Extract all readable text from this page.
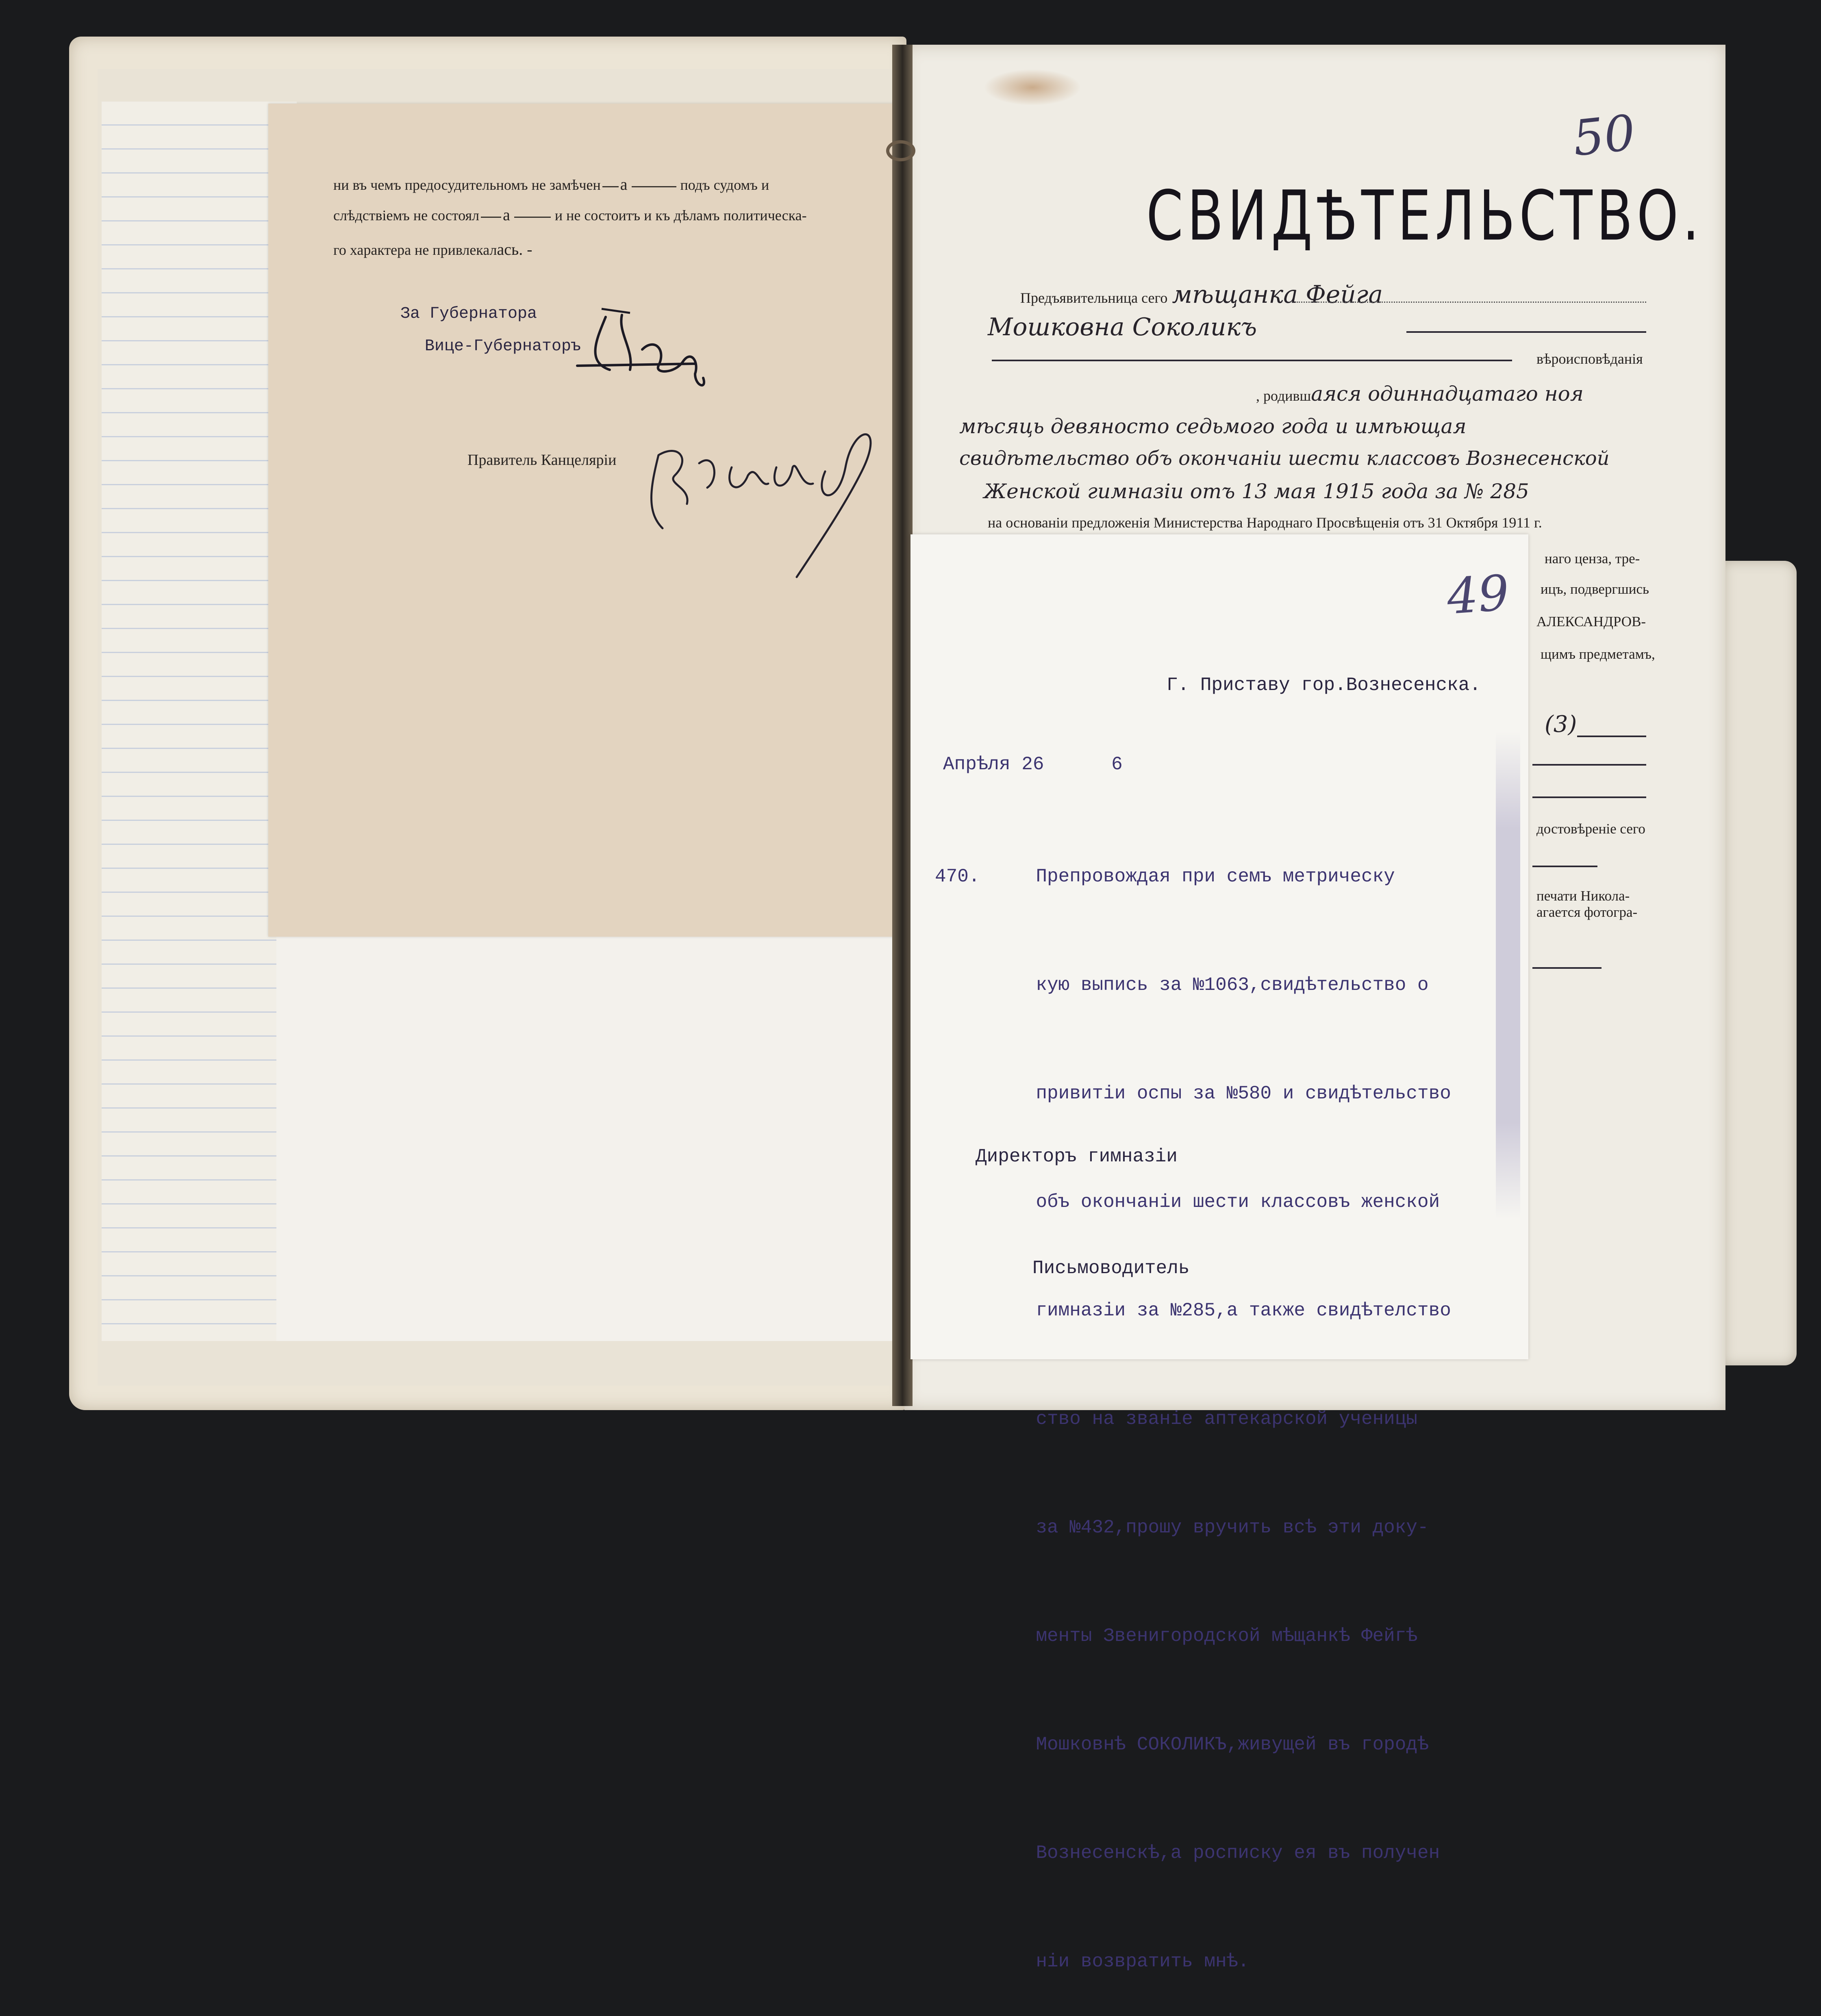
ни въ чемъ предосудительномъ не замѣчен а	подъ судомъ и
слѣдствіемъ не состоял а	и не состоитъ и къ дѣламъ политическа-
го характера не привлекалась. -
За Губернатора
Вице-Губернаторъ
Правитель Канцеляріи
50
СВИДѢТЕЛЬСТВО.
Предъявительница сего мѣщанка Фейга
Мошковна Соколикъ
вѣроисповѣданія
, родившаяся одиннадцатаго ноя
мѣсяць девяносто седьмого года и имѣющая
свидѣтельство объ окончаніи шести классовъ Вознесенской
Женской гимназіи отъ 13 мая 1915 года за № 285
на основаніи предложенія Министерства Народнаго Просвѣщенія отъ 31 Октября 1911 г.
наго ценза, тре-
ицъ, подвергшись
АЛЕКСАНДРОВ-
щимъ предметамъ,
(3)
достовѣреніе сего
печати Никола-
агается фотогра-
49
Г. Приставу гор.Вознесенска.
Апрѣля 26      6

470.     Препровождая при семъ метрическу

кую выпись за №1063,свидѣтельство о

привитіи оспы за №580 и свидѣтельство

объ окончаніи шести классовъ женской

гимназіи за №285,а также свидѣтелство

ство на званіе аптекарской ученицы

за №432,прошу вручить всѣ эти доку-

менты Звенигородской мѣщанкѣ Фейгѣ

Мошковнѣ СОКОЛИКЪ,живущей въ городѣ

Вознесенскѣ,а росписку ея въ получен

ніи возвратить мнѣ.

Директоръ гимназіи
Письмоводитель
